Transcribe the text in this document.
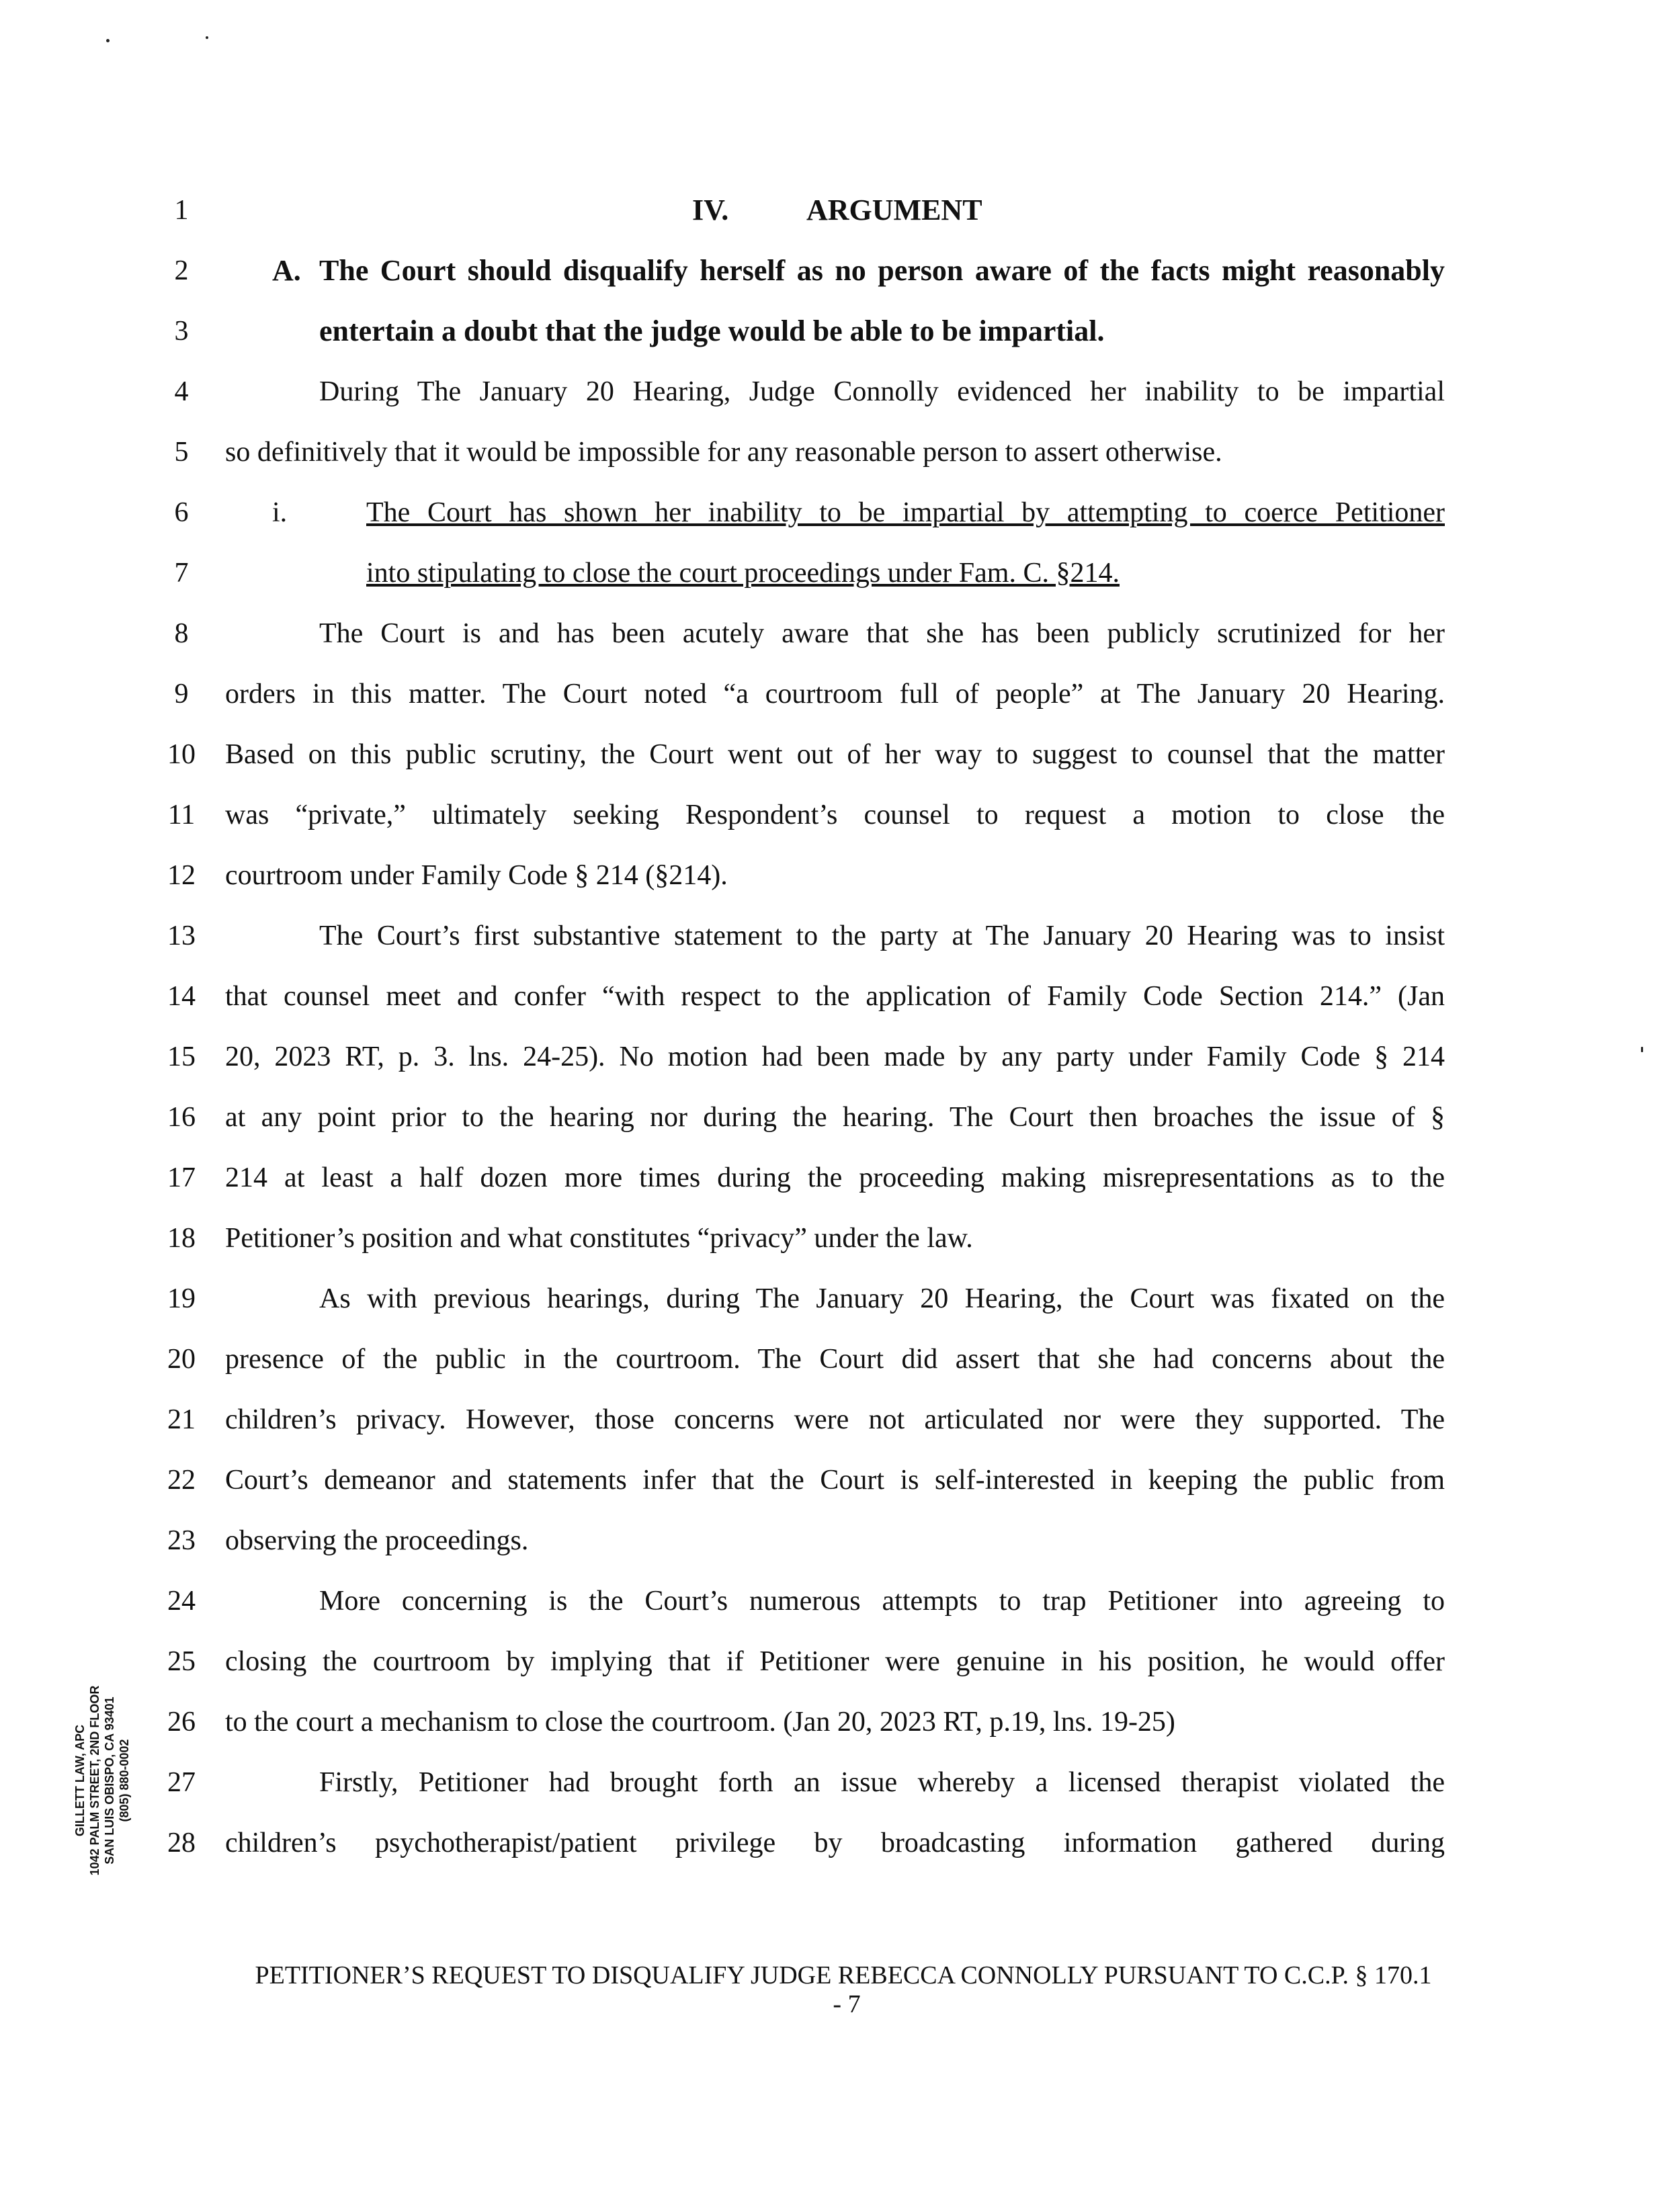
1	IV.	ARGUMENT
2	A. The Court should disqualify herself as no person aware of the facts might reasonably
3	entertain a doubt that the judge would be able to be impartial.
4	During The January 20 Hearing, Judge Connolly evidenced her inability to be impartial
5	so definitively that it would be impossible for any reasonable person to assert otherwise.
6	i.	The Court has shown her inability to be impartial by attempting to coerce Petitioner
7	into stipulating to close the court proceedings under Fam. C. §214.
8	The Court is and has been acutely aware that she has been publicly scrutinized for her
9	orders in this matter. The Court noted “a courtroom full of people” at The January 20 Hearing.
10	Based on this public scrutiny, the Court went out of her way to suggest to counsel that the matter
11	was “private,” ultimately seeking Respondent’s counsel to request a motion to close the
12	courtroom under Family Code § 214 (§214).
13	The Court’s first substantive statement to the party at The January 20 Hearing was to insist
14	that counsel meet and confer “with respect to the application of Family Code Section 214.” (Jan
15	20, 2023 RT, p. 3. lns. 24-25). No motion had been made by any party under Family Code § 214
16	at any point prior to the hearing nor during the hearing. The Court then broaches the issue of §
17	214 at least a half dozen more times during the proceeding making misrepresentations as to the
18	Petitioner’s position and what constitutes “privacy” under the law.
19	As with previous hearings, during The January 20 Hearing, the Court was fixated on the
20	presence of the public in the courtroom. The Court did assert that she had concerns about the
21	children’s privacy. However, those concerns were not articulated nor were they supported. The
22	Court’s demeanor and statements infer that the Court is self-interested in keeping the public from
23	observing the proceedings.
24	More concerning is the Court’s numerous attempts to trap Petitioner into agreeing to
25	closing the courtroom by implying that if Petitioner were genuine in his position, he would offer
26	to the court a mechanism to close the courtroom. (Jan 20, 2023 RT, p.19, lns. 19-25)
27	Firstly, Petitioner had brought forth an issue whereby a licensed therapist violated the
28	children’s psychotherapist/patient privilege by broadcasting information gathered during
GILLETT LAW, APC 1042 PALM STREET, 2ND FLOOR SAN LUIS OBISPO, CA 93401 (805) 880-0002
PETITIONER’S REQUEST TO DISQUALIFY JUDGE REBECCA CONNOLLY PURSUANT TO C.C.P. § 170.1
- 7
